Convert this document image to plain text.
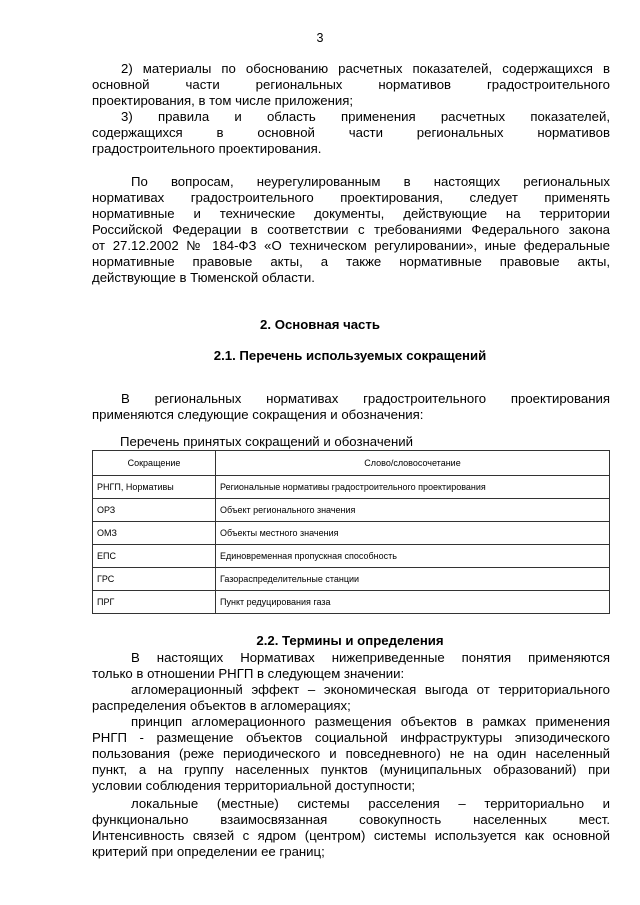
3
2) материалы по обоснованию расчетных показателей, содержащихся в
основной части региональных нормативов градостроительного
проектирования, в том числе приложения;
3) правила и область применения расчетных показателей,
содержащихся в основной части региональных нормативов
градостроительного проектирования.
По вопросам, неурегулированным в настоящих региональных
нормативах градостроительного проектирования, следует применять
нормативные и технические документы, действующие на территории
Российской Федерации в соответствии с требованиями Федерального закона
от 27.12.2002 № 184-ФЗ «О техническом регулировании», иные федеральные
нормативные правовые акты, а также нормативные правовые акты,
действующие в Тюменской области.
2. Основная часть
2.1. Перечень используемых сокращений
В региональных нормативах градостроительного проектирования
применяются следующие сокращения и обозначения:
Перечень принятых сокращений и обозначений
Сокращение	Слово/словосочетание
РНГП, Нормативы	Региональные нормативы градостроительного проектирования
ОРЗ	Объект регионального значения
ОМЗ	Объекты местного значения
ЕПС	Единовременная пропускная способность
ГРС	Газораспределительные станции
ПРГ	Пункт редуцирования газа
2.2. Термины и определения
В настоящих Нормативах нижеприведенные понятия применяются
только в отношении РНГП в следующем значении:
агломерационный эффект – экономическая выгода от территориального
распределения объектов в агломерациях;
принцип агломерационного размещения объектов в рамках применения
РНГП - размещение объектов социальной инфраструктуры эпизодического
пользования (реже периодического и повседневного) не на один населенный
пункт, а на группу населенных пунктов (муниципальных образований) при
условии соблюдения территориальной доступности;
локальные (местные) системы расселения – территориально и
функционально взаимосвязанная совокупность населенных мест.
Интенсивность связей с ядром (центром) системы используется как основной
критерий при определении ее границ;
